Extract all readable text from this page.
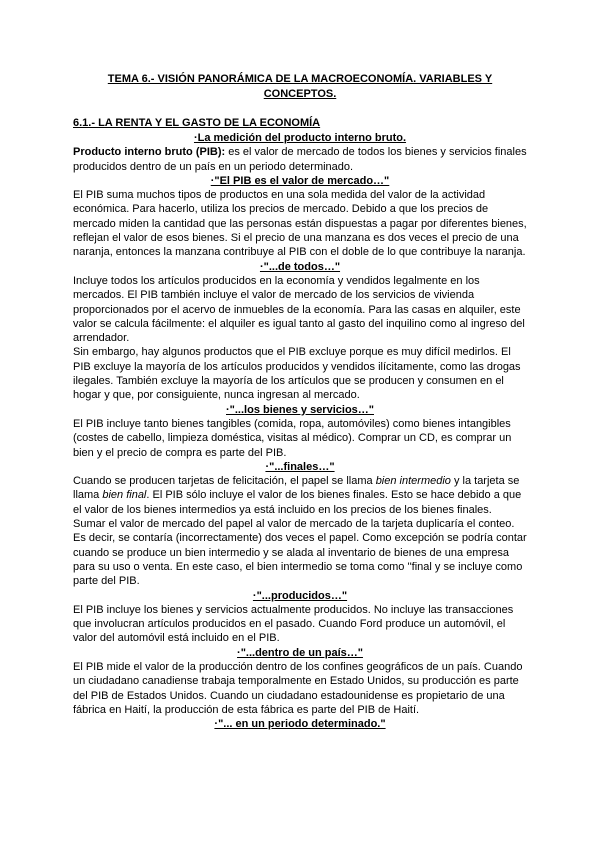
TEMA 6.- VISIÓN PANORÁMICA DE LA MACROECONOMÍA. VARIABLES Y CONCEPTOS.
6.1.- LA RENTA Y EL GASTO DE LA ECONOMÍA

·La medición del producto interno bruto.

Producto interno bruto (PIB): es el valor de mercado de todos los bienes y servicios finales producidos dentro de un país en un periodo determinado.

·"El PIB es el valor de mercado…"

El PIB suma muchos tipos de productos en una sola medida del valor de la actividad económica. Para hacerlo, utiliza los precios de mercado. Debido a que los precios de mercado miden la cantidad que las personas están dispuestas a pagar por diferentes bienes, reflejan el valor de esos bienes. Si el precio de una manzana es dos veces el precio de una naranja, entonces la manzana contribuye al PIB con el doble de lo que contribuye la naranja.

·"...de todos…"

Incluye todos los artículos producidos en la economía y vendidos legalmente en los mercados. El PIB también incluye el valor de mercado de los servicios de vivienda proporcionados por el acervo de inmuebles de la economía. Para las casas en alquiler, este valor se calcula fácilmente: el alquiler es igual tanto al gasto del inquilino como al ingreso del arrendador.

Sin embargo, hay algunos productos que el PIB excluye porque es muy difícil medirlos. El PIB excluye la mayoría de los artículos producidos y vendidos ilícitamente, como las drogas ilegales. También excluye la mayoría de los artículos que se producen y consumen en el hogar y que, por consiguiente, nunca ingresan al mercado.

·"...los bienes y servicios…"

El PIB incluye tanto bienes tangibles (comida, ropa, automóviles) como bienes intangibles (costes de cabello, limpieza doméstica, visitas al médico). Comprar un CD, es comprar un bien y el precio de compra es parte del PIB.

·"...finales…"

Cuando se producen tarjetas de felicitación, el papel se llama bien intermedio y la tarjeta se llama bien final. El PIB sólo incluye el valor de los bienes finales. Esto se hace debido a que el valor de los bienes intermedios ya está incluido en los precios de los bienes finales. Sumar el valor de mercado del papel al valor de mercado de la tarjeta duplicaría el conteo. Es decir, se contaría (incorrectamente) dos veces el papel. Como excepción se podría contar cuando se produce un bien intermedio y se alada al inventario de bienes de una empresa para su uso o venta. En este caso, el bien intermedio se toma como ''final y se incluye como parte del PIB.

·"...producidos…"

El PIB incluye los bienes y servicios actualmente producidos. No incluye las transacciones que involucran artículos producidos en el pasado. Cuando Ford produce un automóvil, el valor del automóvil está incluido en el PIB.

·"...dentro de un país…"

El PIB mide el valor de la producción dentro de los confines geográficos de un país. Cuando un ciudadano canadiense trabaja temporalmente en Estado Unidos, su producción es parte del PIB de Estados Unidos. Cuando un ciudadano estadounidense es propietario de una fábrica en Haití, la producción de esta fábrica es parte del PIB de Haití.

·"... en un periodo determinado."
